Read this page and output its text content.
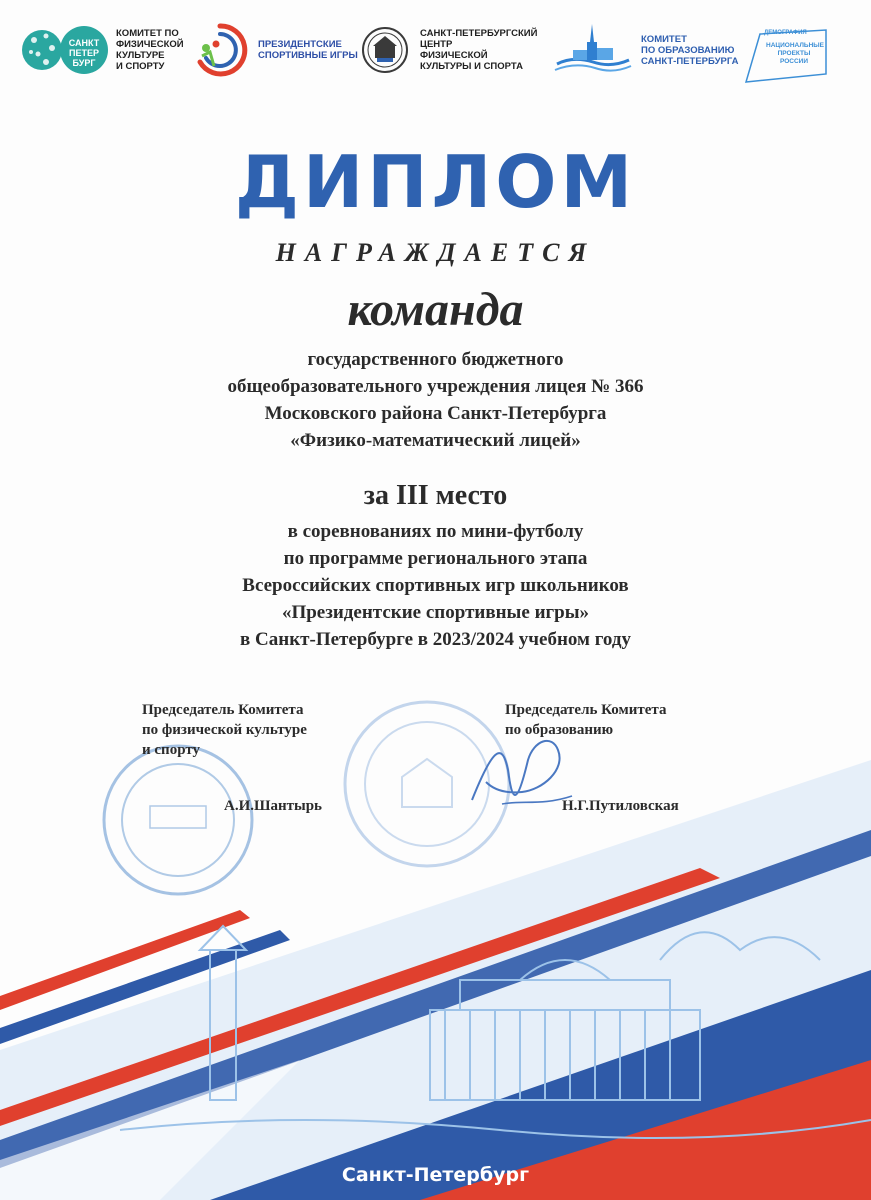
САНКТ
ПЕТЕР
БУРГ
КОМИТЕТ ПО
ФИЗИЧЕСКОЙ
КУЛЬТУРЕ
И СПОРТУ
ПРЕЗИДЕНТСКИЕ
СПОРТИВНЫЕ ИГРЫ
САНКТ-ПЕТЕРБУРГСКИЙ
ЦЕНТР
ФИЗИЧЕСКОЙ
КУЛЬТУРЫ И СПОРТА
КОМИТЕТ
ПО ОБРАЗОВАНИЮ
САНКТ-ПЕТЕРБУРГА
ДЕМОГРАФИЯ
НАЦИОНАЛЬНЫЕ
ПРОЕКТЫ
РОССИИ
ДИПЛОМ
НАГРАЖДАЕТСЯ
команда
государственного бюджетного
общеобразовательного учреждения лицея № 366
Московского района Санкт-Петербурга
«Физико-математический лицей»
за III место
в соревнованиях по мини-футболу
по программе регионального этапа
Всероссийских спортивных игр школьников
«Президентские спортивные игры»
в Санкт-Петербурге в 2023/2024 учебном году
Председатель Комитета
по физической культуре
и спорту
А.И.Шантырь
Председатель Комитета
по образованию
Н.Г.Путиловская
Санкт-Петербург
